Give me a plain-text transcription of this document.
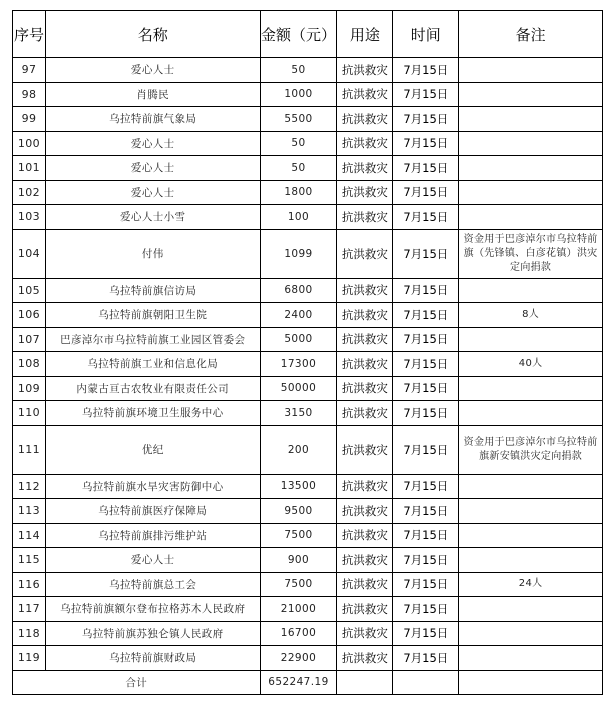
序号	名称	金额（元）	用途	时间	备注
97	爱心人士	50	抗洪救灾	7月15日	
98	肖腾民	1000	抗洪救灾	7月15日	
99	乌拉特前旗气象局	5500	抗洪救灾	7月15日	
100	爱心人士	50	抗洪救灾	7月15日	
101	爱心人士	50	抗洪救灾	7月15日	
102	爱心人士	1800	抗洪救灾	7月15日	
103	爱心人士小雪	100	抗洪救灾	7月15日	
104	付伟	1099	抗洪救灾	7月15日	资金用于巴彦淖尔市乌拉特前旗（先锋镇、白彦花镇）洪灾定向捐款
105	乌拉特前旗信访局	6800	抗洪救灾	7月15日	
106	乌拉特前旗朝阳卫生院	2400	抗洪救灾	7月15日	8人
107	巴彦淖尔市乌拉特前旗工业园区管委会	5000	抗洪救灾	7月15日	
108	乌拉特前旗工业和信息化局	17300	抗洪救灾	7月15日	40人
109	内蒙古亘古农牧业有限责任公司	50000	抗洪救灾	7月15日	
110	乌拉特前旗环境卫生服务中心	3150	抗洪救灾	7月15日	
111	优纪	200	抗洪救灾	7月15日	资金用于巴彦淖尔市乌拉特前旗新安镇洪灾定向捐款
112	乌拉特前旗水旱灾害防御中心	13500	抗洪救灾	7月15日	
113	乌拉特前旗医疗保障局	9500	抗洪救灾	7月15日	
114	乌拉特前旗排污维护站	7500	抗洪救灾	7月15日	
115	爱心人士	900	抗洪救灾	7月15日	
116	乌拉特前旗总工会	7500	抗洪救灾	7月15日	24人
117	乌拉特前旗额尔登布拉格苏木人民政府	21000	抗洪救灾	7月15日	
118	乌拉特前旗苏独仑镇人民政府	16700	抗洪救灾	7月15日	
119	乌拉特前旗财政局	22900	抗洪救灾	7月15日	
合计		652247.19			
